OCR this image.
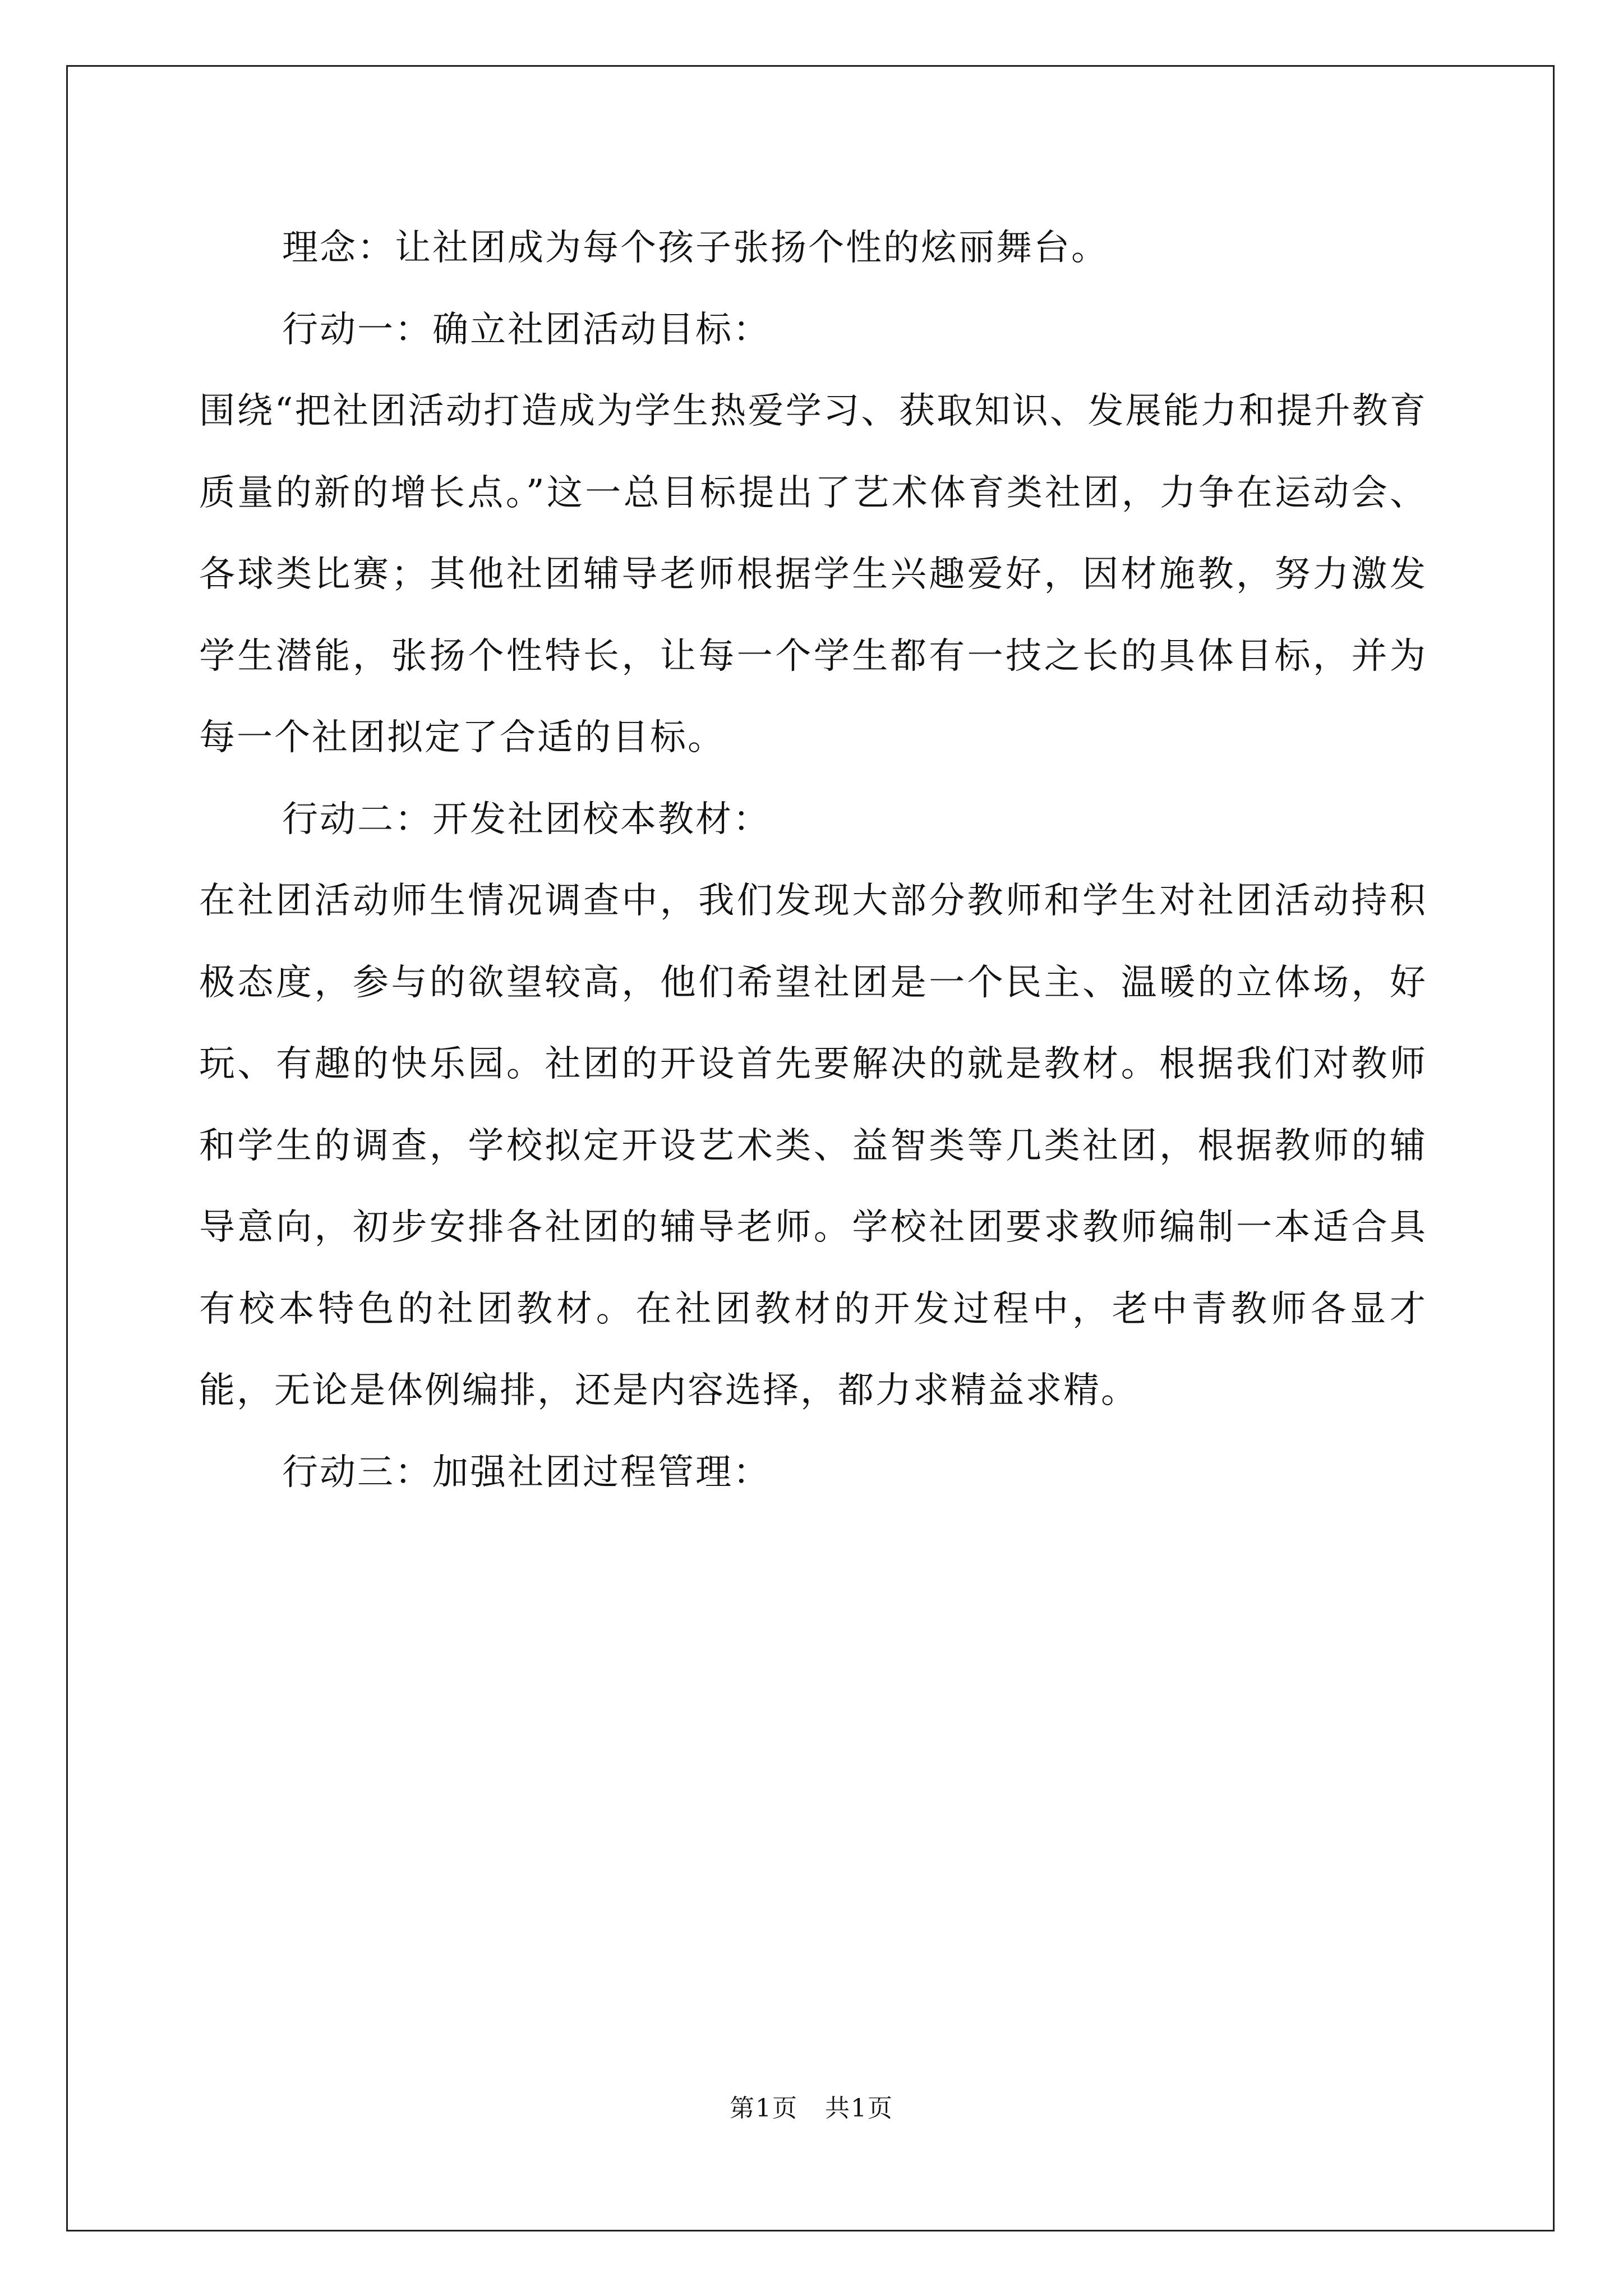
理念：让社团成为每个孩子张扬个性的炫丽舞台。

行动一：确立社团活动目标：

围绕“把社团活动打造成为学生热爱学习、获取知识、发展能力和提升教育质量的新的增长点。”这一总目标提出了艺术体育类社团，力争在运动会、各球类比赛；其他社团辅导老师根据学生兴趣爱好，因材施教，努力激发学生潜能，张扬个性特长，让每一个学生都有一技之长的具体目标，并为每一个社团拟定了合适的目标。

行动二：开发社团校本教材：

在社团活动师生情况调查中，我们发现大部分教师和学生对社团活动持积极态度，参与的欲望较高，他们希望社团是一个民主、温暖的立体场，好玩、有趣的快乐园。社团的开设首先要解决的就是教材。根据我们对教师和学生的调查，学校拟定开设艺术类、益智类等几类社团，根据教师的辅导意向，初步安排各社团的辅导老师。学校社团要求教师编制一本适合具有校本特色的社团教材。在社团教材的开发过程中，老中青教师各显才能，无论是体例编排，还是内容选择，都力求精益求精。

行动三：加强社团过程管理：

第1页 共1页
